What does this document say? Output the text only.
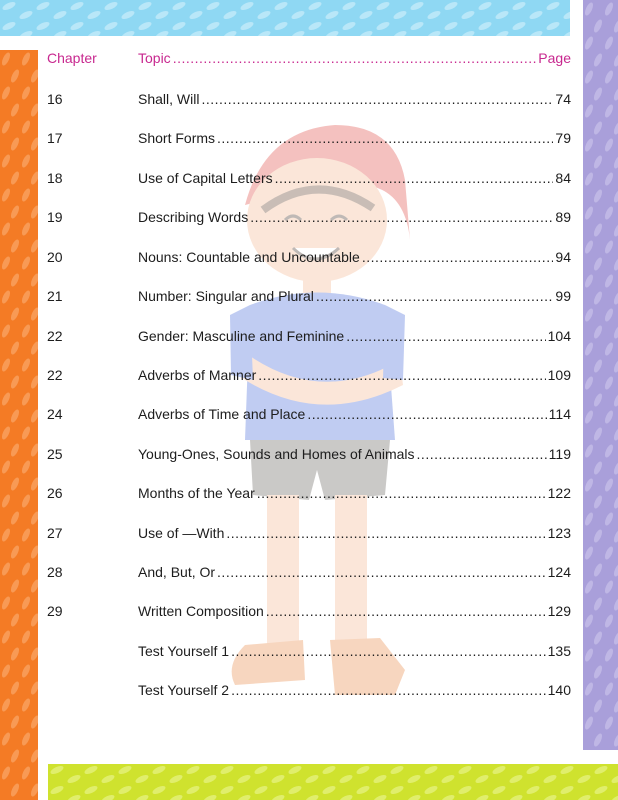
Chapter	Topic .....	Page
16	Shall, Will .....	74
17	Short Forms .....	79
18	Use of Capital Letters .....	84
19	Describing Words .....	89
20	Nouns: Countable and Uncountable .....	94
21	Number: Singular and Plural .....	99
22	Gender: Masculine and Feminine .....	104
22	Adverbs of Manner .....	109
24	Adverbs of Time and Place .....	114
25	Young-Ones, Sounds and Homes of Animals .....	119
26	Months of the Year .....	122
27	Use of —With .....	123
28	And, But, Or .....	124
29	Written Composition .....	129
Test Yourself 1 .....	135
Test Yourself 2 .....	140
